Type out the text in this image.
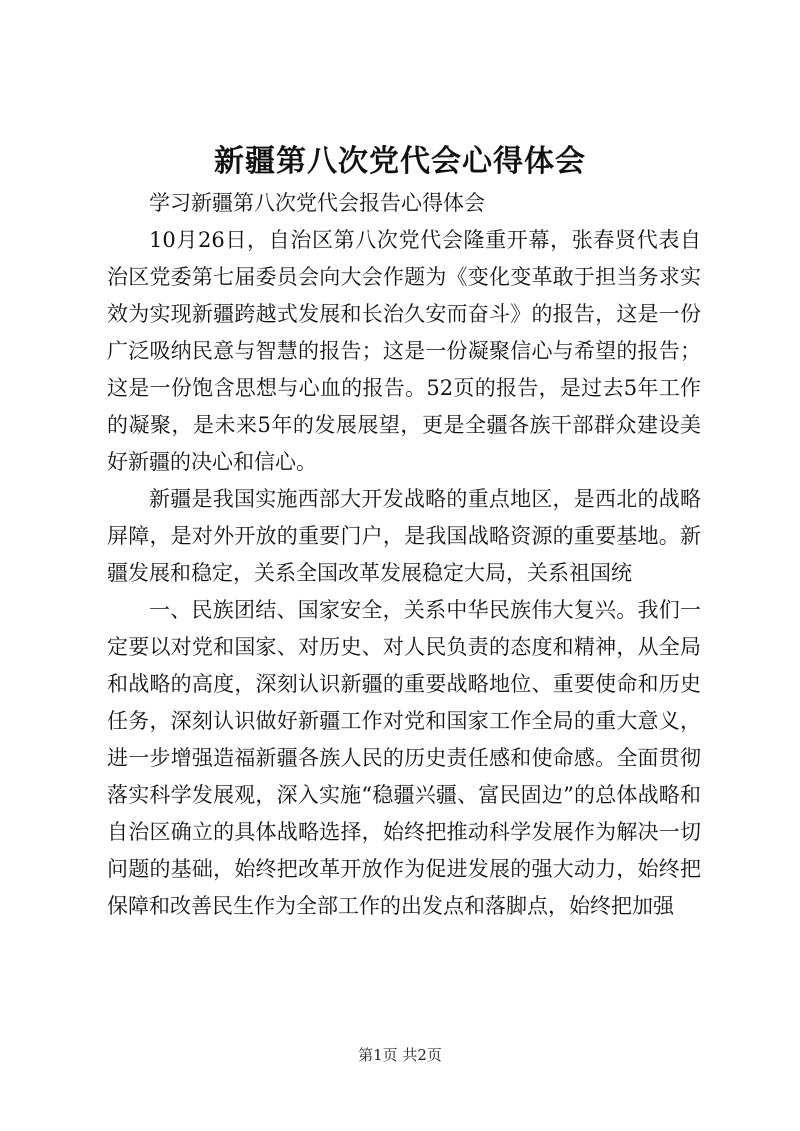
新疆第八次党代会心得体会

学习新疆第八次党代会报告心得体会

10月26日，自治区第八次党代会隆重开幕，张春贤代表自治区党委第七届委员会向大会作题为《变化变革敢于担当务求实效为实现新疆跨越式发展和长治久安而奋斗》的报告，这是一份广泛吸纳民意与智慧的报告；这是一份凝聚信心与希望的报告；这是一份饱含思想与心血的报告。52页的报告，是过去5年工作的凝聚，是未来5年的发展展望，更是全疆各族干部群众建设美好新疆的决心和信心。

新疆是我国实施西部大开发战略的重点地区，是西北的战略屏障，是对外开放的重要门户，是我国战略资源的重要基地。新疆发展和稳定，关系全国改革发展稳定大局，关系祖国统

一、民族团结、国家安全，关系中华民族伟大复兴。我们一定要以对党和国家、对历史、对人民负责的态度和精神，从全局和战略的高度，深刻认识新疆的重要战略地位、重要使命和历史任务，深刻认识做好新疆工作对党和国家工作全局的重大意义，进一步增强造福新疆各族人民的历史责任感和使命感。全面贯彻落实科学发展观，深入实施“稳疆兴疆、富民固边”的总体战略和自治区确立的具体战略选择，始终把推动科学发展作为解决一切问题的基础，始终把改革开放作为促进发展的强大动力，始终把保障和改善民生作为全部工作的出发点和落脚点，始终把加强

第1页 共2页
